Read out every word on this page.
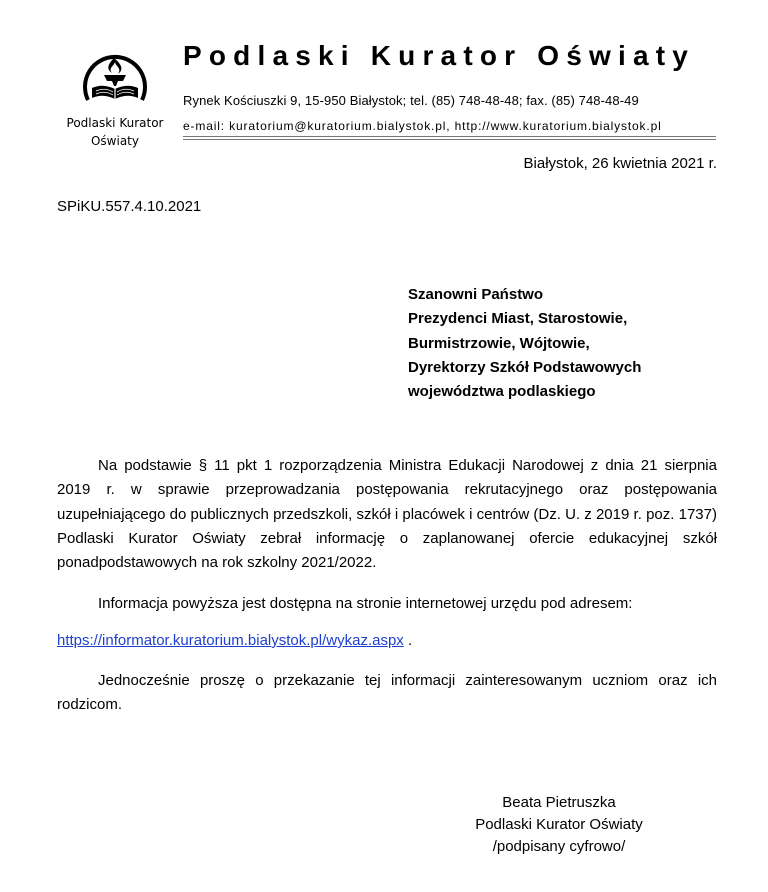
Podlaski Kurator
Oświaty
Podlaski Kurator Oświaty
Rynek Kościuszki 9, 15-950 Białystok; tel. (85) 748-48-48; fax. (85) 748-48-49
e-mail: kuratorium@kuratorium.bialystok.pl, http://www.kuratorium.bialystok.pl
Białystok, 26 kwietnia 2021 r.
SPiKU.557.4.10.2021
Szanowni Państwo
Prezydenci Miast, Starostowie,
Burmistrzowie, Wójtowie,
Dyrektorzy Szkół Podstawowych
województwa podlaskiego
Na podstawie § 11 pkt 1 rozporządzenia Ministra Edukacji Narodowej z dnia 21 sierpnia 2019 r. w sprawie przeprowadzania postępowania rekrutacyjnego oraz postępowania uzupełniającego do publicznych przedszkoli, szkół i placówek i centrów (Dz. U. z 2019 r. poz. 1737) Podlaski Kurator Oświaty zebrał informację o zaplanowanej ofercie edukacyjnej szkół ponadpodstawowych na rok szkolny 2021/2022.
Informacja powyższa jest dostępna na stronie internetowej urzędu pod adresem:
https://informator.kuratorium.bialystok.pl/wykaz.aspx .
Jednocześnie proszę o przekazanie tej informacji zainteresowanym uczniom oraz ich rodzicom.
Beata Pietruszka
Podlaski Kurator Oświaty
/podpisany cyfrowo/
